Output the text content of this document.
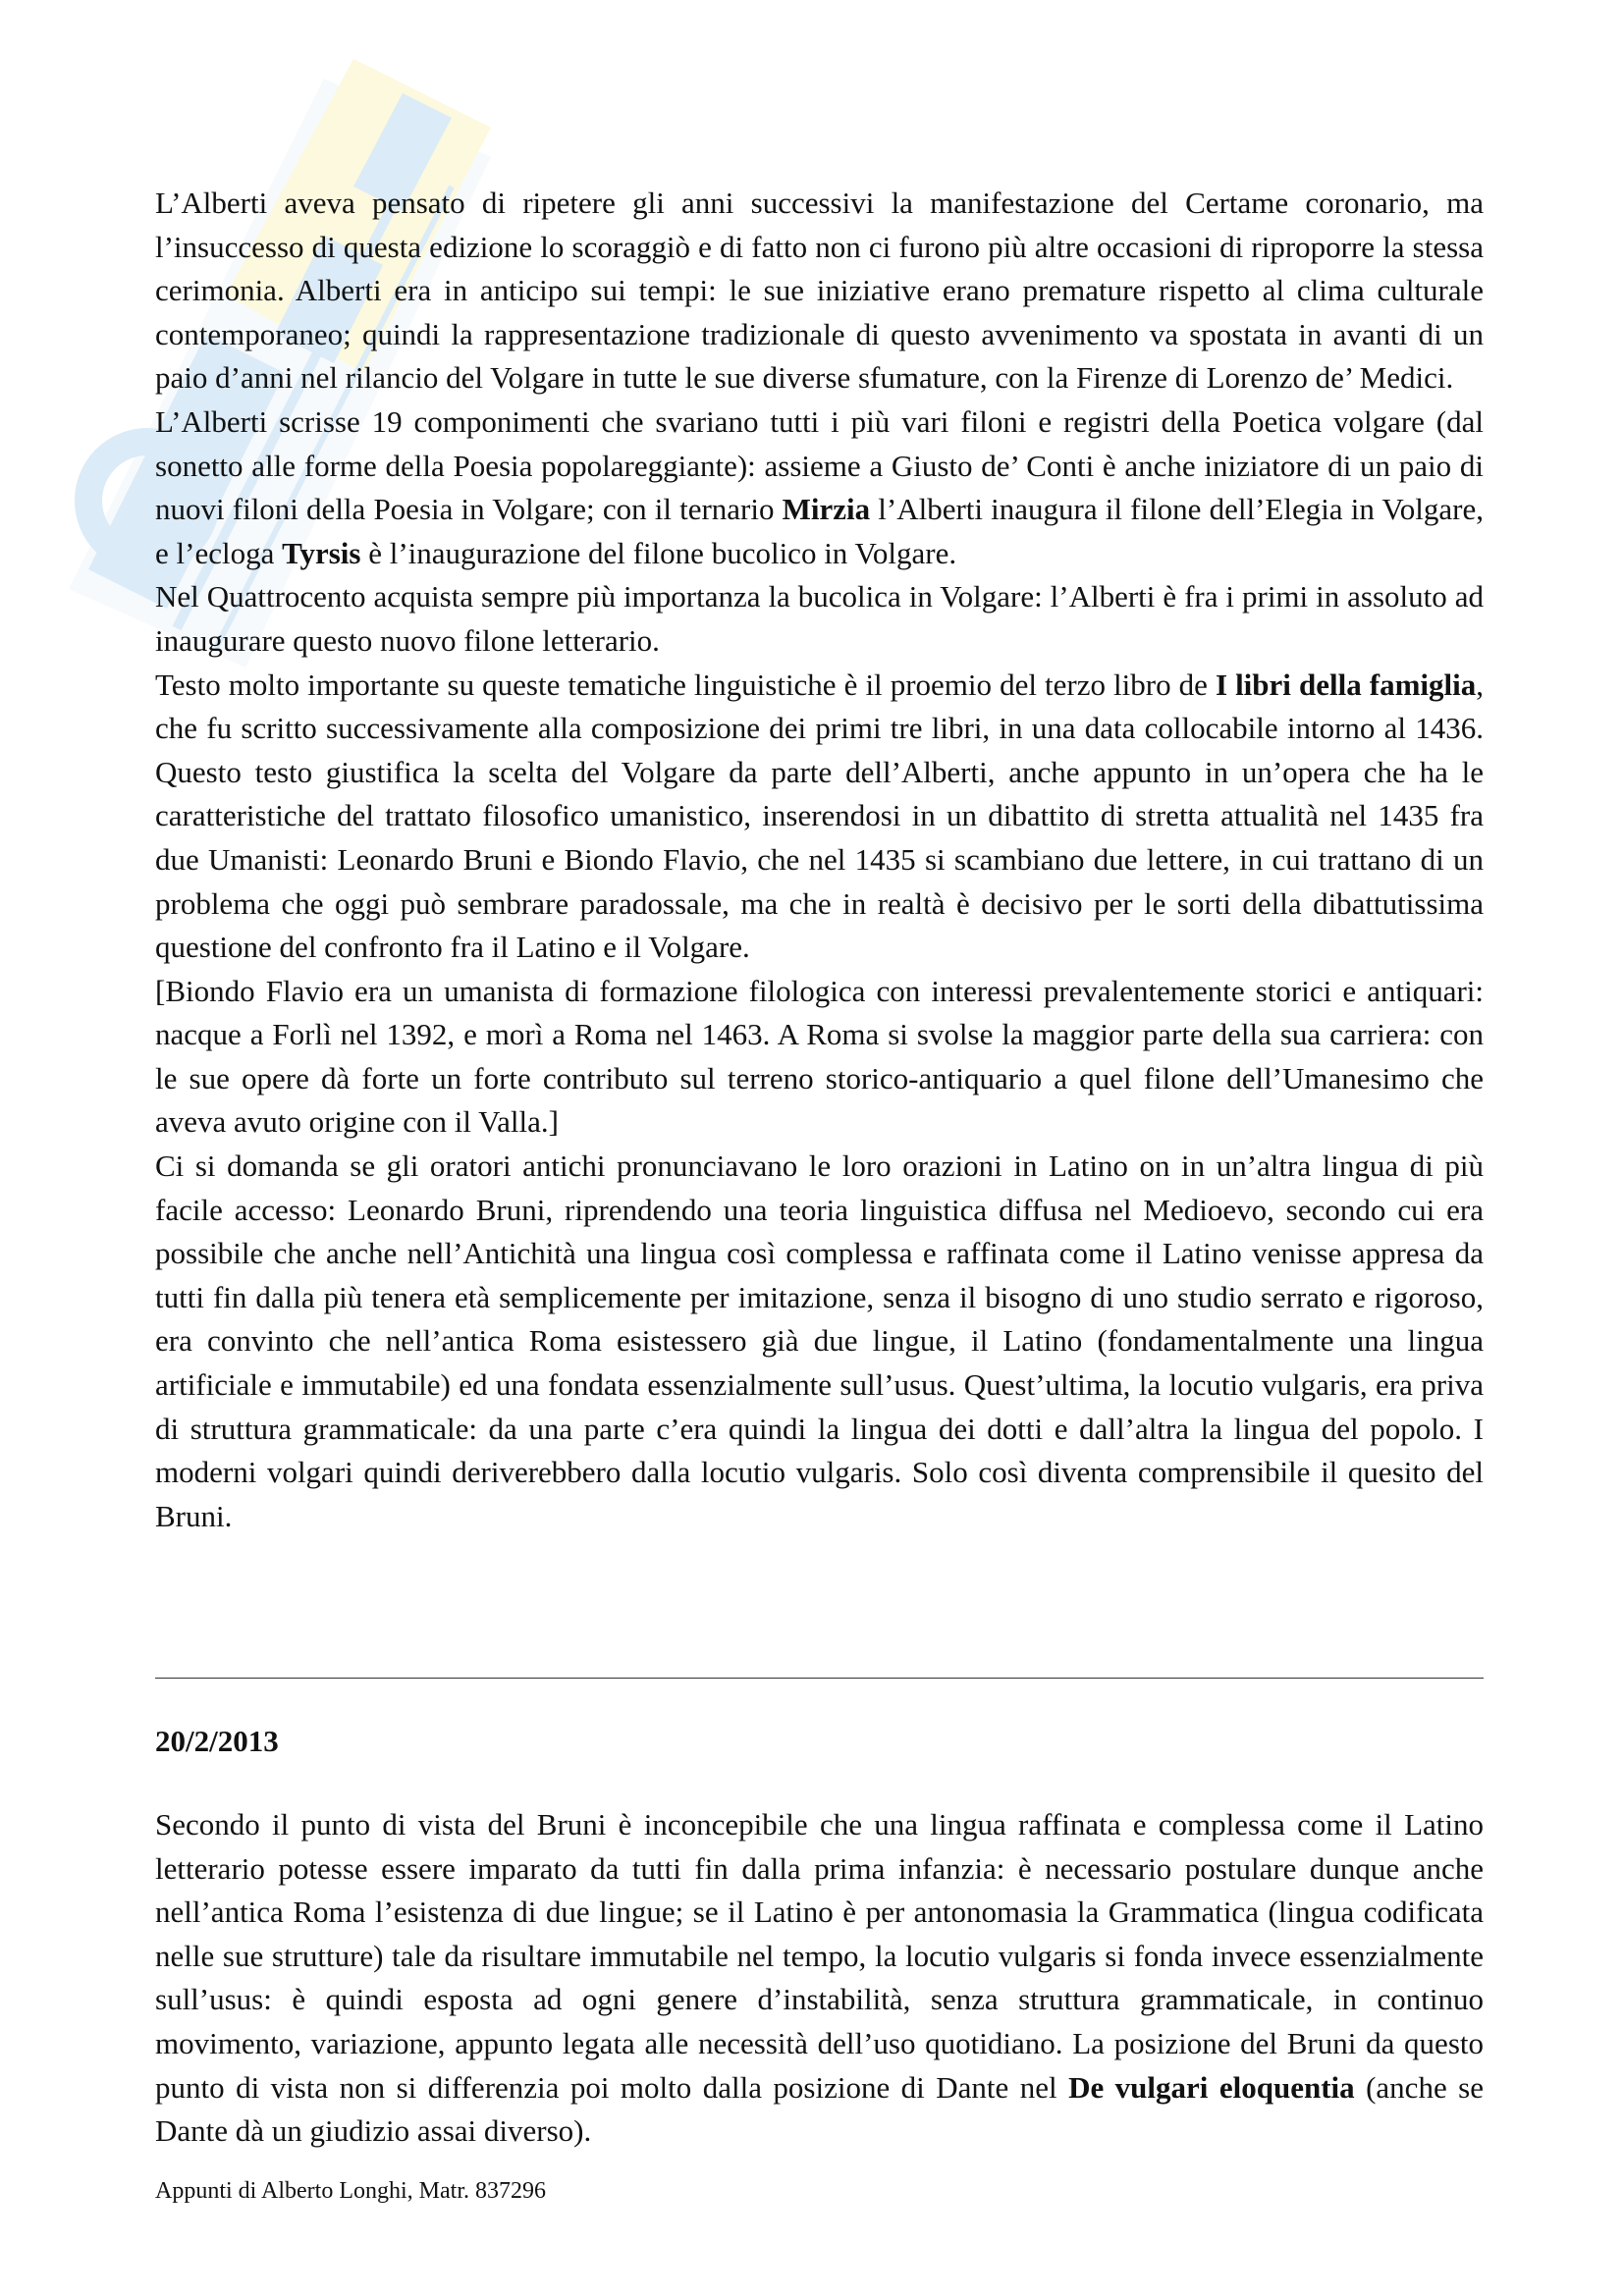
L’Alberti aveva pensato di ripetere gli anni successivi la manifestazione del Certame coronario, ma l’insuccesso di questa edizione lo scoraggiò e di fatto non ci furono più altre occasioni di riproporre la stessa cerimonia. Alberti era in anticipo sui tempi: le sue iniziative erano premature rispetto al clima culturale contemporaneo; quindi la rappresentazione tradizionale di questo avvenimento va spostata in avanti di un paio d’anni nel rilancio del Volgare in tutte le sue diverse sfumature, con la Firenze di Lorenzo de’ Medici.

L’Alberti scrisse 19 componimenti che svariano tutti i più vari filoni e registri della Poetica volgare (dal sonetto alle forme della Poesia popolareggiante): assieme a Giusto de’ Conti è anche iniziatore di un paio di nuovi filoni della Poesia in Volgare; con il ternario Mirzia l’Alberti inaugura il filone dell’Elegia in Volgare, e l’ecloga Tyrsis è l’inaugurazione del filone bucolico in Volgare.

Nel Quattrocento acquista sempre più importanza la bucolica in Volgare: l’Alberti è fra i primi in assoluto ad inaugurare questo nuovo filone letterario.

Testo molto importante su queste tematiche linguistiche è il proemio del terzo libro de I libri della famiglia, che fu scritto successivamente alla composizione dei primi tre libri, in una data collocabile intorno al 1436. Questo testo giustifica la scelta del Volgare da parte dell’Alberti, anche appunto in un’opera che ha le caratteristiche del trattato filosofico umanistico, inserendosi in un dibattito di stretta attualità nel 1435 fra due Umanisti: Leonardo Bruni e Biondo Flavio, che nel 1435 si scambiano due lettere, in cui trattano di un problema che oggi può sembrare paradossale, ma che in realtà è decisivo per le sorti della dibattutissima questione del confronto fra il Latino e il Volgare.

[Biondo Flavio era un umanista di formazione filologica con interessi prevalentemente storici e antiquari: nacque a Forlì nel 1392, e morì a Roma nel 1463. A Roma si svolse la maggior parte della sua carriera: con le sue opere dà forte un forte contributo sul terreno storico-antiquario a quel filone dell’Umanesimo che aveva avuto origine con il Valla.]

Ci si domanda se gli oratori antichi pronunciavano le loro orazioni in Latino on in un’altra lingua di più facile accesso: Leonardo Bruni, riprendendo una teoria linguistica diffusa nel Medioevo, secondo cui era possibile che anche nell’Antichità una lingua così complessa e raffinata come il Latino venisse appresa da tutti fin dalla più tenera età semplicemente per imitazione, senza il bisogno di uno studio serrato e rigoroso, era convinto che nell’antica Roma esistessero già due lingue, il Latino (fondamentalmente una lingua artificiale e immutabile) ed una fondata essenzialmente sull’usus. Quest’ultima, la locutio vulgaris, era priva di struttura grammaticale: da una parte c’era quindi la lingua dei dotti e dall’altra la lingua del popolo. I moderni volgari quindi deriverebbero dalla locutio vulgaris. Solo così diventa comprensibile il quesito del Bruni.

20/2/2013

Secondo il punto di vista del Bruni è inconcepibile che una lingua raffinata e complessa come il Latino letterario potesse essere imparato da tutti fin dalla prima infanzia: è necessario postulare dunque anche nell’antica Roma l’esistenza di due lingue; se il Latino è per antonomasia la Grammatica (lingua codificata nelle sue strutture) tale da risultare immutabile nel tempo, la locutio vulgaris si fonda invece essenzialmente sull’usus: è quindi esposta ad ogni genere d’instabilità, senza struttura grammaticale, in continuo movimento, variazione, appunto legata alle necessità dell’uso quotidiano. La posizione del Bruni da questo punto di vista non si differenzia poi molto dalla posizione di Dante nel De vulgari eloquentia (anche se Dante dà un giudizio assai diverso).

Appunti di Alberto Longhi, Matr. 837296
